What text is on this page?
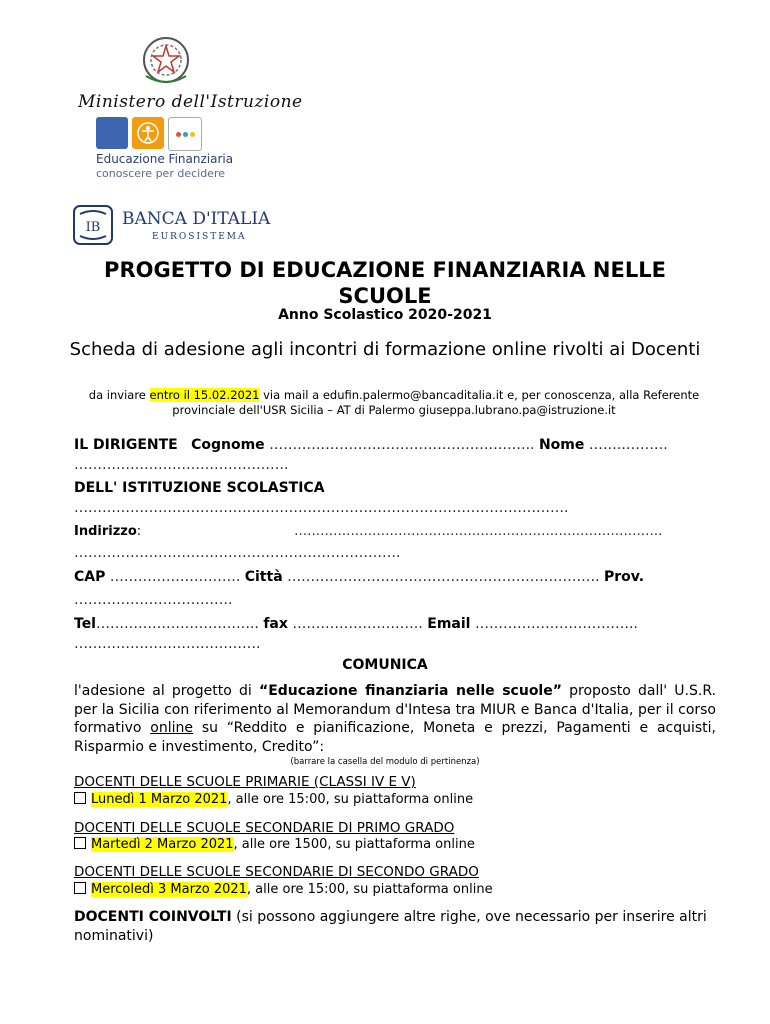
Ministero dell'Istruzione
Educazione Finanziaria
conoscere per decidere
IB BANCA D'ITALIA
EUROSISTEMA
PROGETTO DI EDUCAZIONE FINANZIARIA NELLE SCUOLE
Anno Scolastico 2020-2021
Scheda di adesione agli incontri di formazione online rivolti ai Docenti
da inviare entro il 15.02.2021 via mail a edufin.palermo@bancaditalia.it e, per conoscenza, alla Referente provinciale dell'USR Sicilia – AT di Palermo giuseppa.lubrano.pa@istruzione.it
IL DIRIGENTE Cognome …………………………………………….….. Nome …….……….
……………………………………….
DELL' ISTITUZIONE SCOLASTICA
…………………………………………………………………………………………….
Indirizzo:                                     ………………………………………………………………………….
…………………………………………………………….
CAP ………………………. Città …………………………………………………………. Prov.
…………………………….
Tel…………………………….. fax ………………………. Email ……………………………..
………………………………….
COMUNICA
l'adesione al progetto di “Educazione finanziaria nelle scuole” proposto dall' U.S.R. per la Sicilia con riferimento al Memorandum d'Intesa tra MIUR e Banca d'Italia, per il corso formativo online su “Reddito e pianificazione, Moneta e prezzi, Pagamenti e acquisti, Risparmio e investimento, Credito”:
(barrare la casella del modulo di pertinenza)
DOCENTI DELLE SCUOLE PRIMARIE (CLASSI IV E V)
Lunedì 1 Marzo 2021, alle ore 15:00, su piattaforma online
DOCENTI DELLE SCUOLE SECONDARIE DI PRIMO GRADO
Martedì 2 Marzo 2021, alle ore 1500, su piattaforma online
DOCENTI DELLE SCUOLE SECONDARIE DI SECONDO GRADO
Mercoledì 3 Marzo 2021, alle ore 15:00, su piattaforma online
DOCENTI COINVOLTI (si possono aggiungere altre righe, ove necessario per inserire altri nominativi)
